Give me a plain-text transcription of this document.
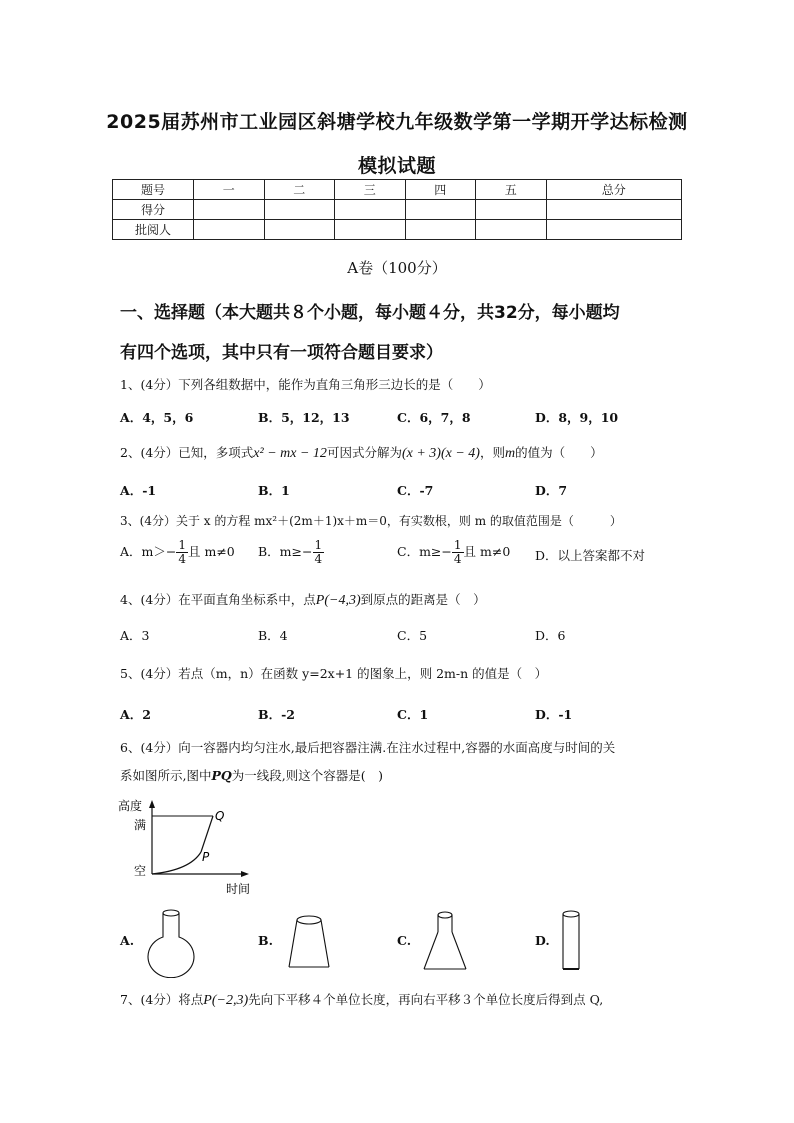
2025届苏州市工业园区斜塘学校九年级数学第一学期开学达标检测
模拟试题
题号	一	二	三	四	五	总分
得分						
批阅人						
A卷（100分）
一、选择题（本大题共８个小题，每小题４分，共32分，每小题均
有四个选项，其中只有一项符合题目要求）
1、(4分）下列各组数据中，能作为直角三角形三边长的是（　　）
A．4，5，6	B．5，12，13	C．6，7，8	D．8，9，10
2、(4分）已知，多项式x² − mx − 12可因式分解为(x + 3)(x − 4)，则m的值为（　　）
A．-1	B．1	C．-7	D．7
3、(4分）关于 x 的方程 mx²＋(2m＋1)x＋m＝0，有实数根，则 m 的取值范围是（　　　）
A．$m>- \frac{1}{4}$ 且 m≠0 B．$m\ge- \frac{1}{4}$	C．$m\ge- \frac{1}{4}$ 且 m≠0 D．以上答案都不对
4、(4分）在平面直角坐标系中，点P(−4,3)到原点的距离是（　）
A．3	B．4	C．5	D．6
5、(4分）若点（m，n）在函数 y=2x+1 的图象上，则 2m-n 的值是（　）
A．2	B．-2	C．1	D．-1
6、(4分）向一容器内均匀注水,最后把容器注满.在注水过程中,容器的水面高度与时间的关
系如图所示,图中PQ为一线段,则这个容器是(　)
高度
满
空
时间
P
Q
A.	B.	C.	D.
7、(4分）将点P(−2,3)先向下平移４个单位长度，再向右平移３个单位长度后得到点 Q,
